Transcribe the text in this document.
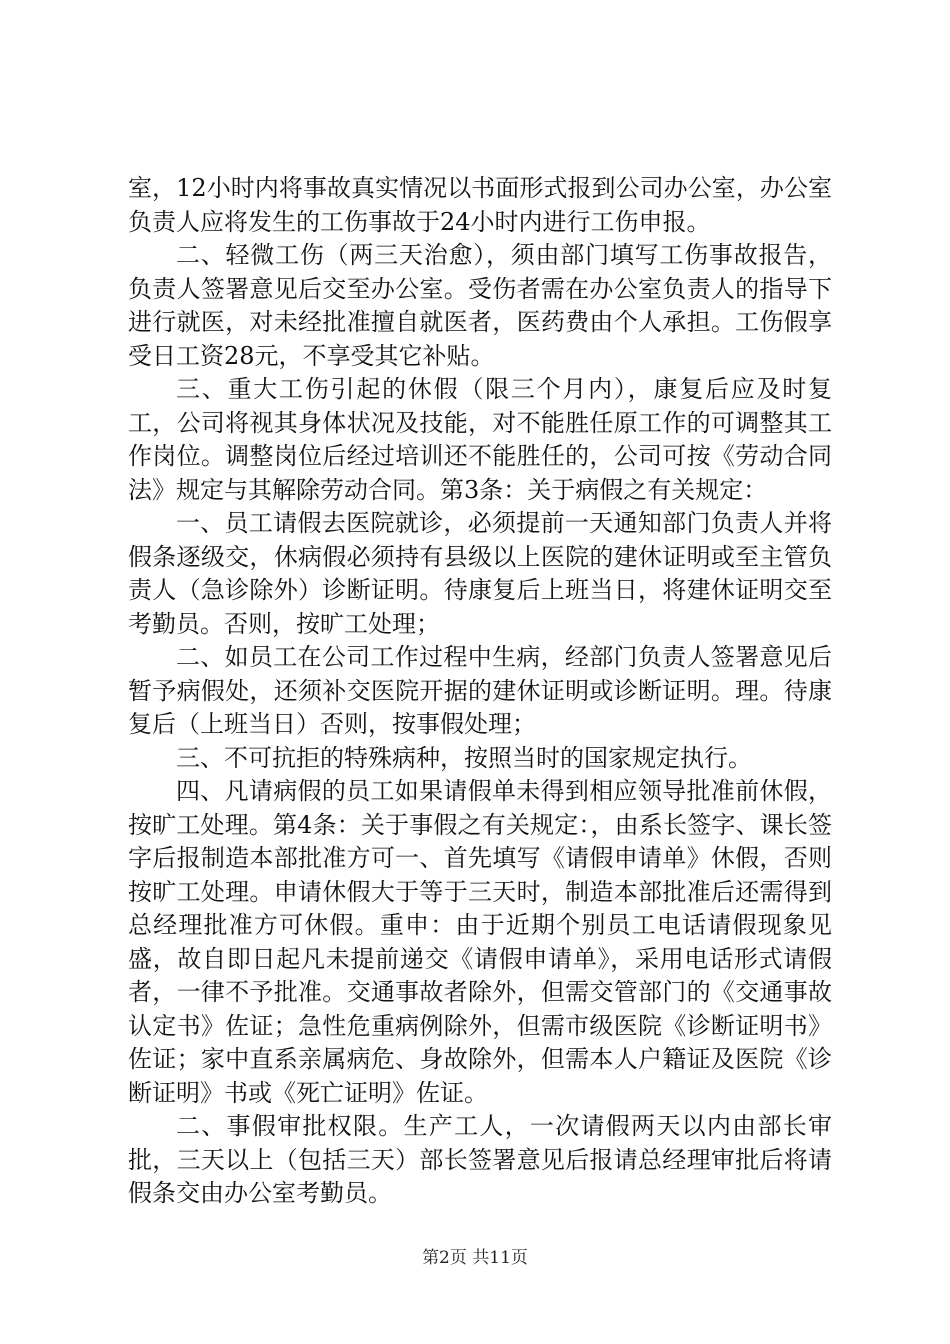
室，12小时内将事故真实情况以书面形式报到公司办公室，办公室负责人应将发生的工伤事故于24小时内进行工伤申报。

二、轻微工伤（两三天治愈），须由部门填写工伤事故报告，负责人签署意见后交至办公室。受伤者需在办公室负责人的指导下进行就医，对未经批准擅自就医者，医药费由个人承担。工伤假享受日工资28元，不享受其它补贴。

三、重大工伤引起的休假（限三个月内），康复后应及时复工，公司将视其身体状况及技能，对不能胜任原工作的可调整其工作岗位。调整岗位后经过培训还不能胜任的，公司可按《劳动合同法》规定与其解除劳动合同。第3条：关于病假之有关规定：

一、员工请假去医院就诊，必须提前一天通知部门负责人并将假条逐级交，休病假必须持有县级以上医院的建休证明或至主管负责人（急诊除外）诊断证明。待康复后上班当日，将建休证明交至考勤员。否则，按旷工处理；

二、如员工在公司工作过程中生病，经部门负责人签署意见后暂予病假处，还须补交医院开据的建休证明或诊断证明。理。待康复后（上班当日）否则，按事假处理；

三、不可抗拒的特殊病种，按照当时的国家规定执行。

四、凡请病假的员工如果请假单未得到相应领导批准前休假，按旷工处理。第4条：关于事假之有关规定：，由系长签字、课长签字后报制造本部批准方可一、首先填写《请假申请单》休假，否则按旷工处理。申请休假大于等于三天时，制造本部批准后还需得到总经理批准方可休假。重申：由于近期个别员工电话请假现象见盛，故自即日起凡未提前递交《请假申请单》，采用电话形式请假者，一律不予批准。交通事故者除外，但需交管部门的《交通事故认定书》佐证；急性危重病例除外，但需市级医院《诊断证明书》佐证；家中直系亲属病危、身故除外，但需本人户籍证及医院《诊断证明》书或《死亡证明》佐证。

二、事假审批权限。生产工人，一次请假两天以内由部长审批，三天以上（包括三天）部长签署意见后报请总经理审批后将请假条交由办公室考勤员。

第2页 共11页
